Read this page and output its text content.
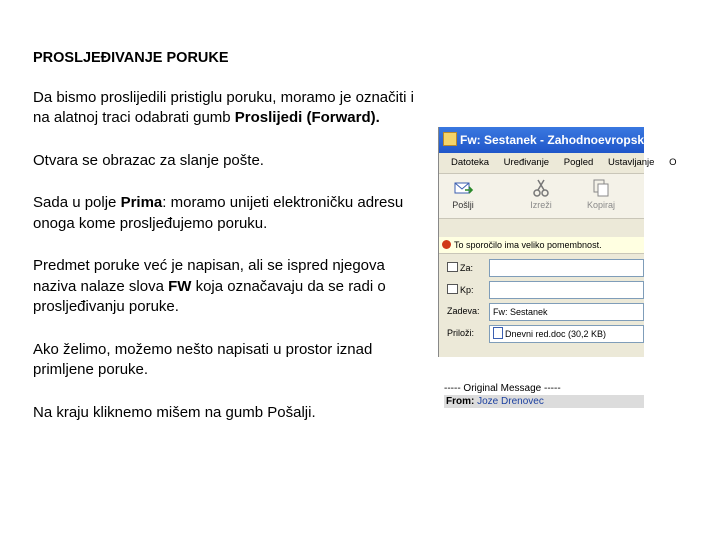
PROSLJEĐIVANJE PORUKE

Da bismo proslijedili pristiglu poruku, moramo je označiti i na alatnoj traci odabrati gumb Proslijedi (Forward).

Otvara se obrazac za slanje pošte.

Sada u polje Prima: moramo unijeti elektroničku adresu onoga kome prosljeđujemo poruku.

Predmet poruke već je napisan, ali se ispred njegova naziva nalaze slova FW koja označavaju da se radi o prosljeđivanju poruke.

Ako želimo, možemo nešto napisati u prostor iznad primljene poruke.

Na kraju kliknemo mišem na gumb Pošalji.

Fw: Sestanek - Zahodnoevropsko (ISO)
Datoteka Uređivanje Pogled Ustavljanje O
Pošlji	Izreži	Kopiraj
To sporočilo ima veliko pomembnost.
Za:
Kp:
Zadeva:	Fw: Sestanek
Priloži:	Dnevni red.doc (30,2 KB)
----- Original Message -----
From: Joze Drenovec
